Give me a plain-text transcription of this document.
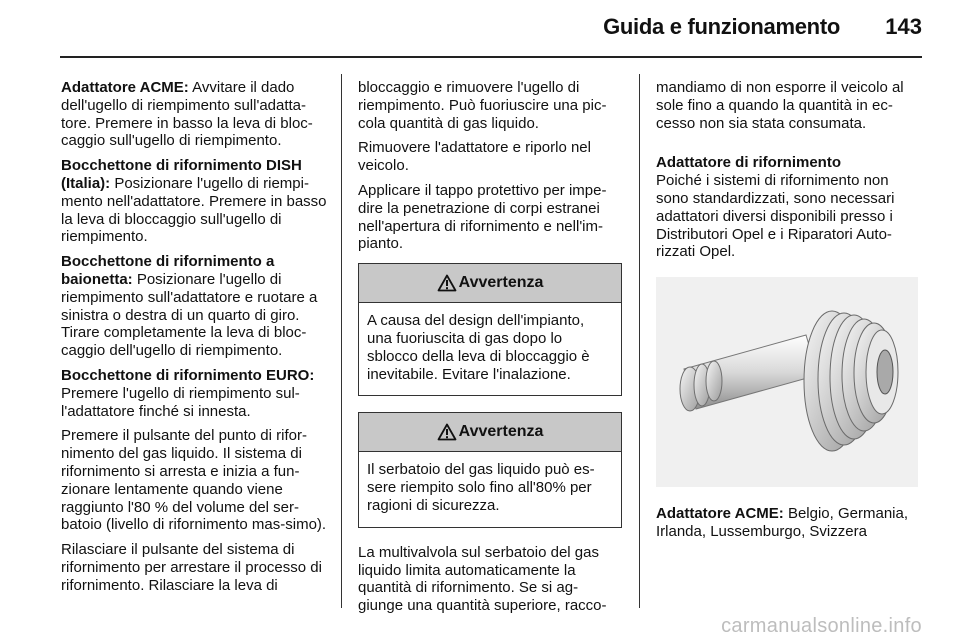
Guida e funzionamento	143

Adattatore ACME: Avvitare il dado dell'ugello di riempimento sull'adatta-tore. Premere in basso la leva di bloc-caggio sull'ugello di riempimento.

Bocchettone di rifornimento DISH (Italia): Posizionare l'ugello di riempi-mento nell'adattatore. Premere in basso la leva di bloccaggio sull'ugello di riempimento.

Bocchettone di rifornimento a baionetta: Posizionare l'ugello di riempimento sull'adattatore e ruotare a sinistra o destra di un quarto di giro. Tirare completamente la leva di bloc-caggio dell'ugello di riempimento.

Bocchettone di rifornimento EURO: Premere l'ugello di riempimento sul-l'adattatore finché si innesta.

Premere il pulsante del punto di rifor-nimento del gas liquido. Il sistema di rifornimento si arresta e inizia a fun-zionare lentamente quando viene raggiunto l'80 % del volume del ser-batoio (livello di rifornimento mas-simo).

Rilasciare il pulsante del sistema di rifornimento per arrestare il processo di rifornimento. Rilasciare la leva di

bloccaggio e rimuovere l'ugello di riempimento. Può fuoriuscire una pic-cola quantità di gas liquido.

Rimuovere l'adattatore e riporlo nel veicolo.

Applicare il tappo protettivo per impe-dire la penetrazione di corpi estranei nell'apertura di rifornimento e nell'im-pianto.

Avvertenza
A causa del design dell'impianto, una fuoriuscita di gas dopo lo sblocco della leva di bloccaggio è inevitabile. Evitare l'inalazione.
Avvertenza
Il serbatoio del gas liquido può es-sere riempito solo fino all'80% per ragioni di sicurezza.

La multivalvola sul serbatoio del gas liquido limita automaticamente la quantità di rifornimento. Se si ag-giunge una quantità superiore, racco-

mandiamo di non esporre il veicolo al sole fino a quando la quantità in ec-cesso non sia stata consumata.

Adattatore di rifornimento

Poiché i sistemi di rifornimento non sono standardizzati, sono necessari adattatori diversi disponibili presso i Distributori Opel e i Riparatori Auto-rizzati Opel.

Adattatore ACME: Belgio, Germania, Irlanda, Lussemburgo, Svizzera

carmanualsonline.info
